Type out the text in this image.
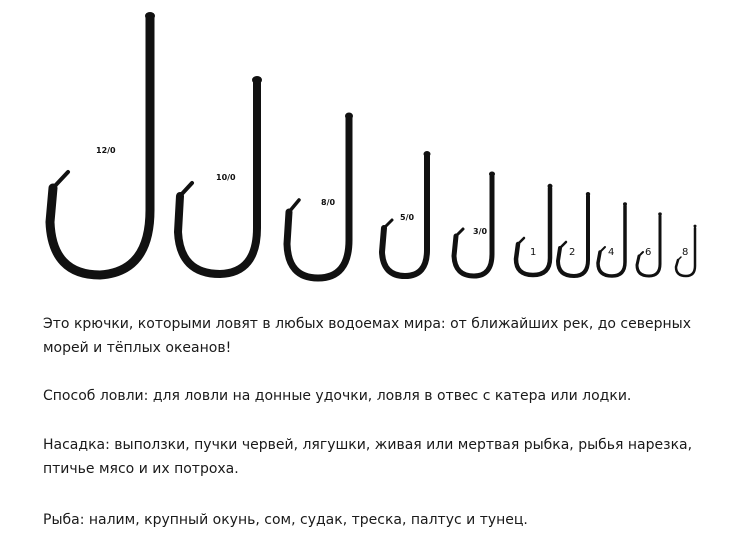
12/0
10/0
8/0
5/0
3/0
1	2	4	6	8

Это крючки, которыми ловят в любых водоемах мира: от ближайших рек, до северных морей и тёплых океанов!

Способ ловли: для ловли на донные удочки, ловля в отвес с катера или лодки.

Насадка: выползки, пучки червей, лягушки, живая или мертвая рыбка, рыбья нарезка, птичье мясо и их потроха.

Рыба: налим, крупный окунь, сом, судак, треска, палтус и тунец.
